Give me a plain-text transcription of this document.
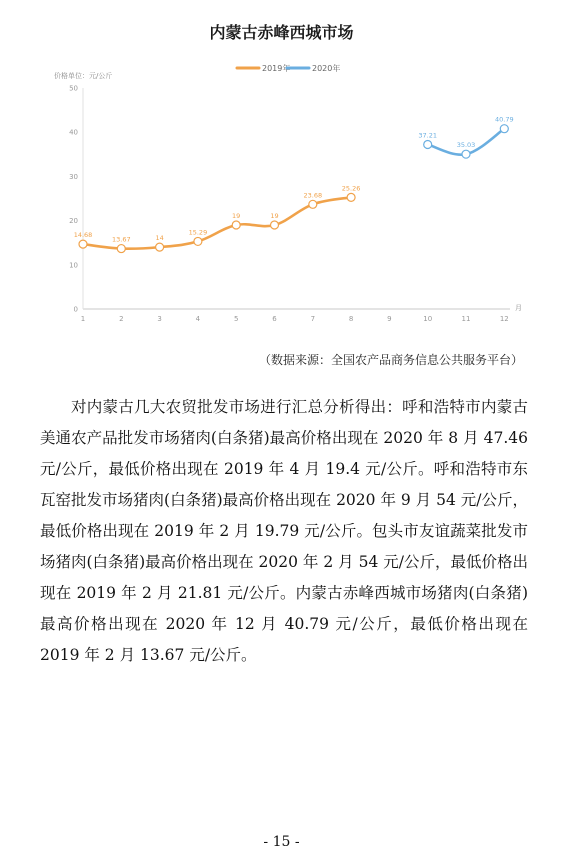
内蒙古赤峰西城市场
2019年	2020年
价格单位：元/公斤
月
0
10
20
30
40
50
1	2	3	4	5	6	7	8	9	10	11	12
14.68
13.67	14
15.29
19	19
23.68
25.26
37.21
35.03
40.79
（数据来源：全国农产品商务信息公共服务平台）

对内蒙古几大农贸批发市场进行汇总分析得出：呼和浩特市内蒙古美通农产品批发市场猪肉(白条猪)最高价格出现在 2020 年 8 月 47.46 元/公斤，最低价格出现在 2019 年 4 月 19.4 元/公斤。呼和浩特市东瓦窑批发市场猪肉(白条猪)最高价格出现在 2020 年 9 月 54 元/公斤，最低价格出现在 2019 年 2 月 19.79 元/公斤。包头市友谊蔬菜批发市场猪肉(白条猪)最高价格出现在 2020 年 2 月 54 元/公斤，最低价格出现在 2019 年 2 月 21.81 元/公斤。内蒙古赤峰西城市场猪肉(白条猪)最高价格出现在 2020 年 12 月 40.79 元/公斤，最低价格出现在 2019 年 2 月 13.67 元/公斤。

- 15 -
